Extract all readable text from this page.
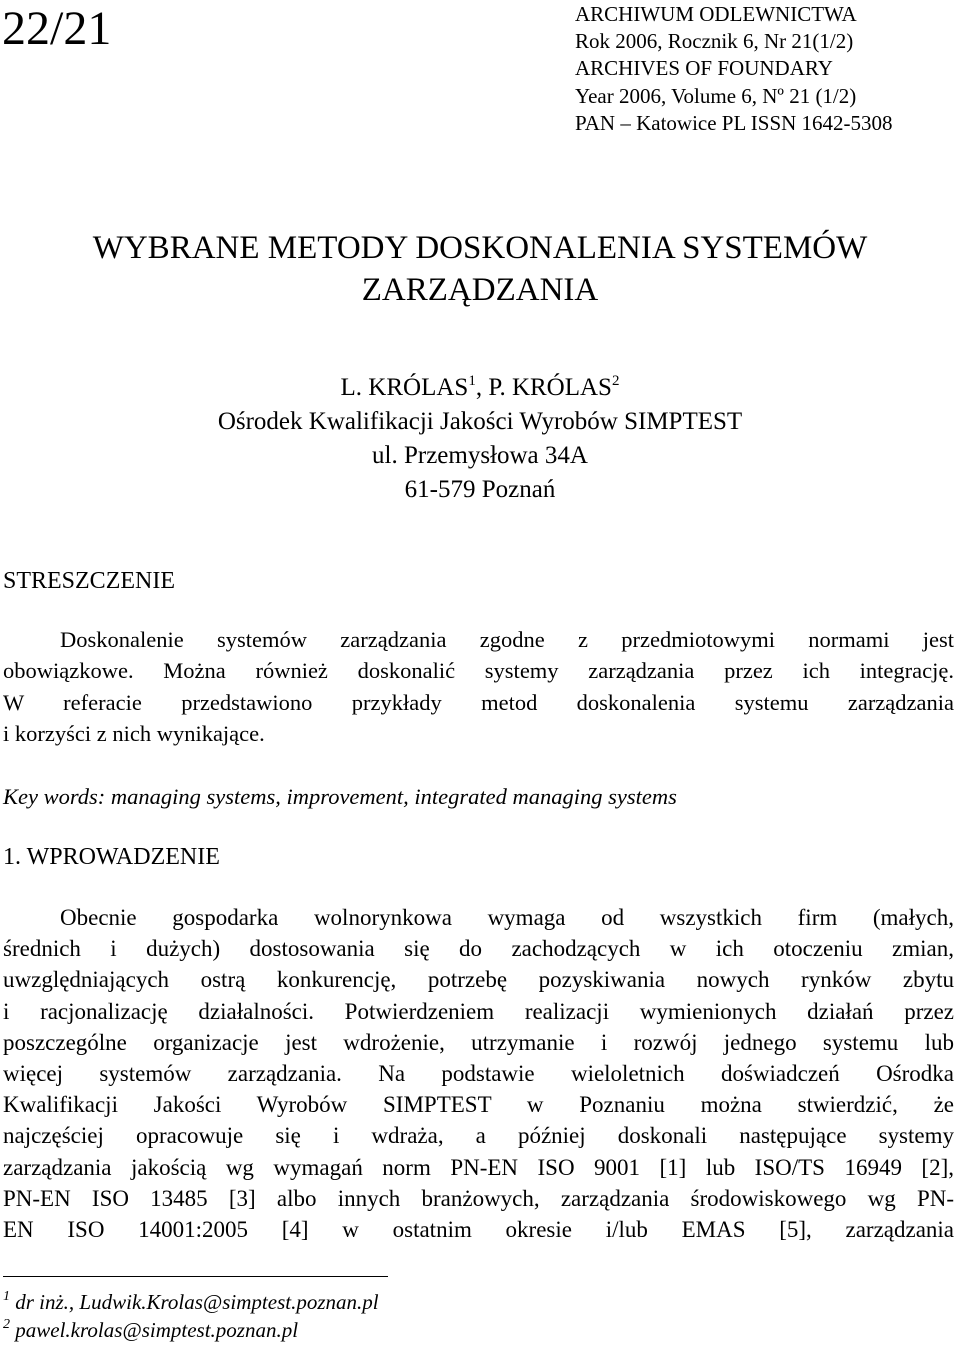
22/21	ARCHIWUM ODLEWNICTWA
Rok 2006, Rocznik 6, Nr 21(1/2)
ARCHIVES OF FOUNDARY
Year 2006, Volume 6, Nº 21 (1/2)
PAN – Katowice PL ISSN 1642-5308
WYBRANE METODY DOSKONALENIA SYSTEMÓW
ZARZĄDZANIA
L. KRÓLAS$^1$, P. KRÓLAS$^2$
Ośrodek Kwalifikacji Jakości Wyrobów SIMPTEST
ul. Przemysłowa 34A
61-579 Poznań
STRESZCZENIE
Doskonalenie systemów zarządzania zgodne z przedmiotowymi normami jest
obowiązkowe. Można również doskonalić systemy zarządzania przez ich integrację.
W referacie przedstawiono przykłady metod doskonalenia systemu zarządzania
i korzyści z nich wynikające.
Key words: managing systems, improvement, integrated managing systems
1. WPROWADZENIE
Obecnie gospodarka wolnorynkowa wymaga od wszystkich firm (małych,
średnich i dużych) dostosowania się do zachodzących w ich otoczeniu zmian,
uwzględniających ostrą konkurencję, potrzebę pozyskiwania nowych rynków zbytu
i racjonalizację działalności. Potwierdzeniem realizacji wymienionych działań przez
poszczególne organizacje jest wdrożenie, utrzymanie i rozwój jednego systemu lub
więcej systemów zarządzania. Na podstawie wieloletnich doświadczeń Ośrodka
Kwalifikacji Jakości Wyrobów SIMPTEST w Poznaniu można stwierdzić, że
najczęściej opracowuje się i wdraża, a później doskonali następujące systemy
zarządzania jakością wg wymagań norm PN-EN ISO 9001 [1] lub ISO/TS 16949 [2],
PN-EN ISO 13485 [3] albo innych branżowych, zarządzania środowiskowego wg PN-
EN ISO 14001:2005 [4] w ostatnim okresie i/lub EMAS [5], zarządzania
$^1$ dr inż., Ludwik.Krolas@simptest.poznan.pl
$^2$ pawel.krolas@simptest.poznan.pl
